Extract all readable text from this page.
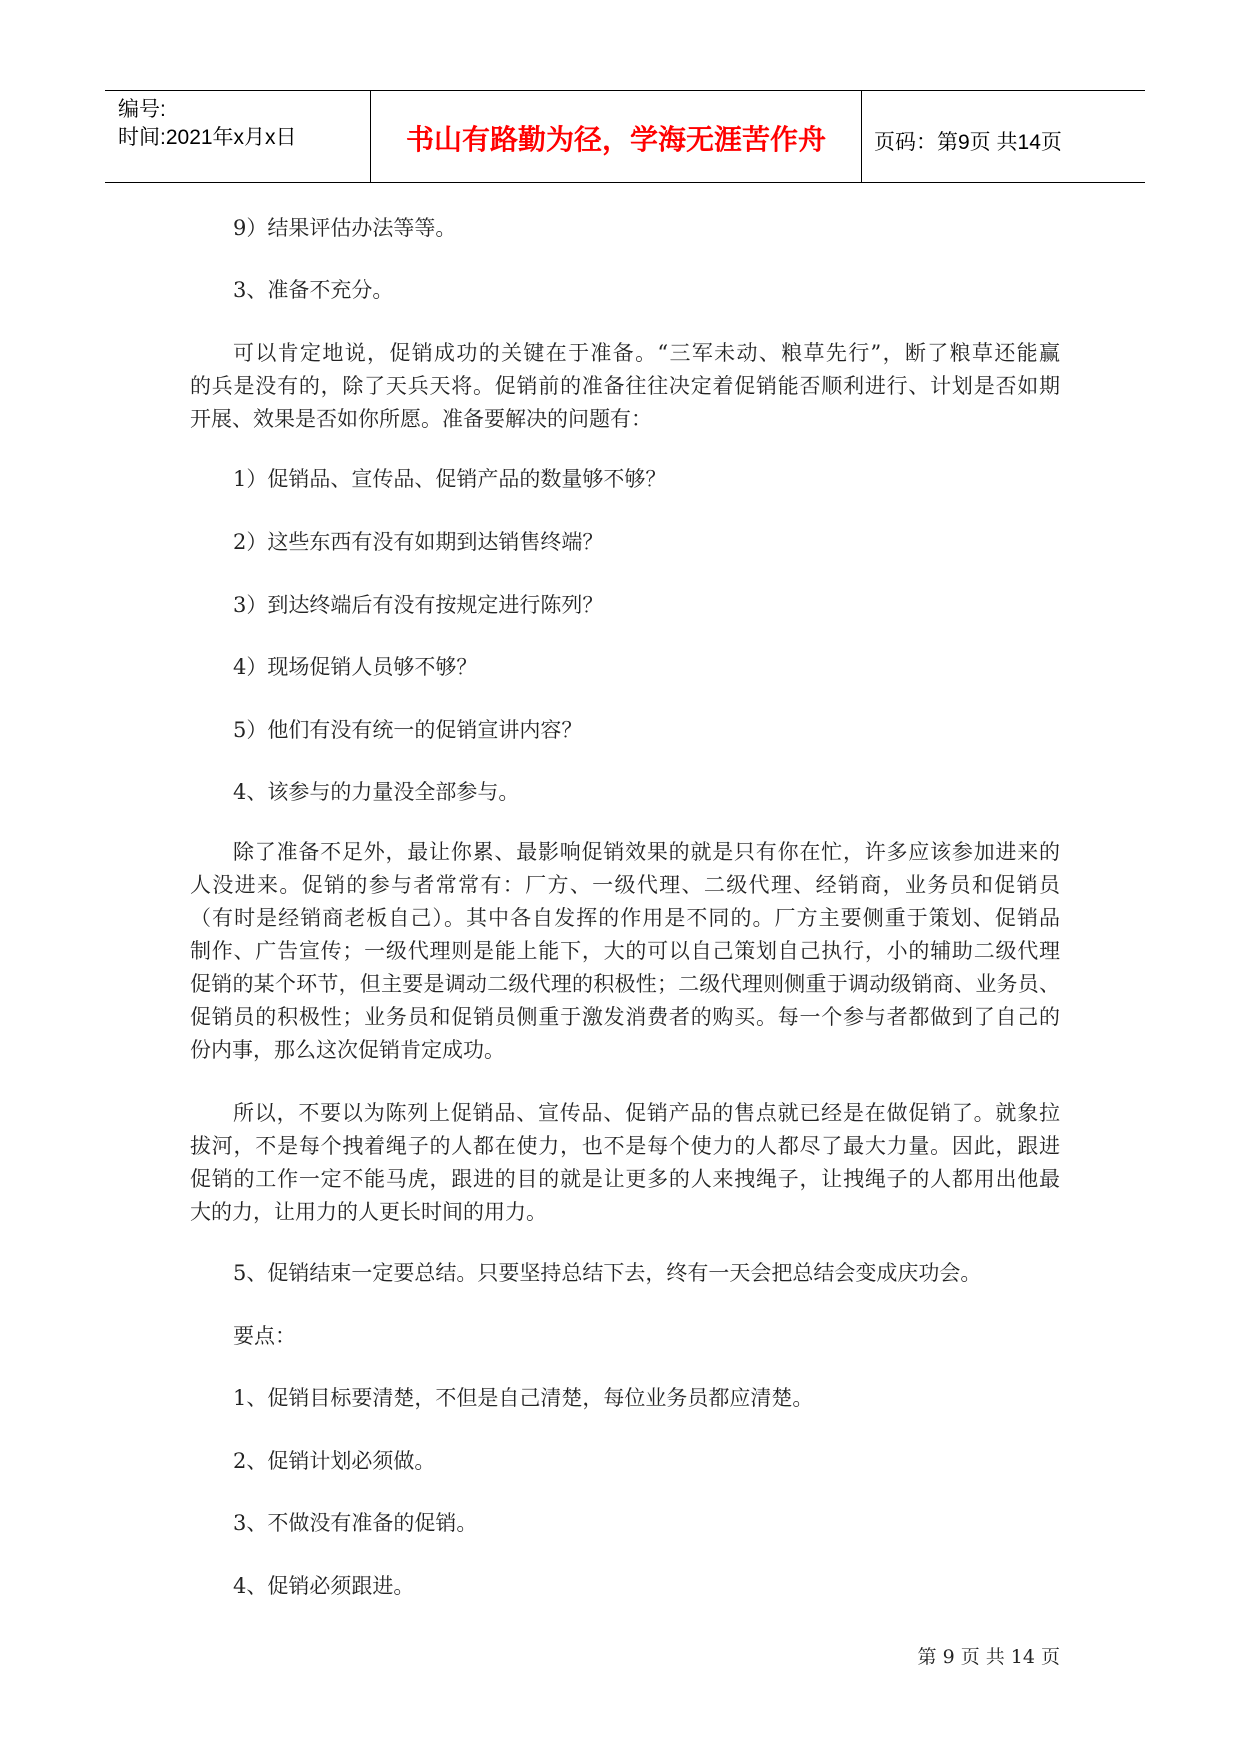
编号:
时间:2021年x月x日	书山有路勤为径，学海无涯苦作舟	页码：第9页 共14页
9）结果评估办法等等。
3、准备不充分。
可以肯定地说，促销成功的关键在于准备。“三军未动、粮草先行”，断了粮草还能赢
的兵是没有的，除了天兵天将。促销前的准备往往决定着促销能否顺利进行、计划是否如期
开展、效果是否如你所愿。准备要解决的问题有：
1）促销品、宣传品、促销产品的数量够不够？
2）这些东西有没有如期到达销售终端？
3）到达终端后有没有按规定进行陈列？
4）现场促销人员够不够？
5）他们有没有统一的促销宣讲内容？
4、该参与的力量没全部参与。
除了准备不足外，最让你累、最影响促销效果的就是只有你在忙，许多应该参加进来的
人没进来。促销的参与者常常有：厂方、一级代理、二级代理、经销商，业务员和促销员
（有时是经销商老板自己）。其中各自发挥的作用是不同的。厂方主要侧重于策划、促销品
制作、广告宣传；一级代理则是能上能下，大的可以自己策划自己执行，小的辅助二级代理
促销的某个环节，但主要是调动二级代理的积极性；二级代理则侧重于调动级销商、业务员、
促销员的积极性；业务员和促销员侧重于激发消费者的购买。每一个参与者都做到了自己的
份内事，那么这次促销肯定成功。
所以，不要以为陈列上促销品、宣传品、促销产品的售点就已经是在做促销了。就象拉
拔河，不是每个拽着绳子的人都在使力，也不是每个使力的人都尽了最大力量。因此，跟进
促销的工作一定不能马虎，跟进的目的就是让更多的人来拽绳子，让拽绳子的人都用出他最
大的力，让用力的人更长时间的用力。
5、促销结束一定要总结。只要坚持总结下去，终有一天会把总结会变成庆功会。
要点：
1、促销目标要清楚，不但是自己清楚，每位业务员都应清楚。
2、促销计划必须做。
3、不做没有准备的促销。
4、促销必须跟进。
第 9 页 共 14 页
